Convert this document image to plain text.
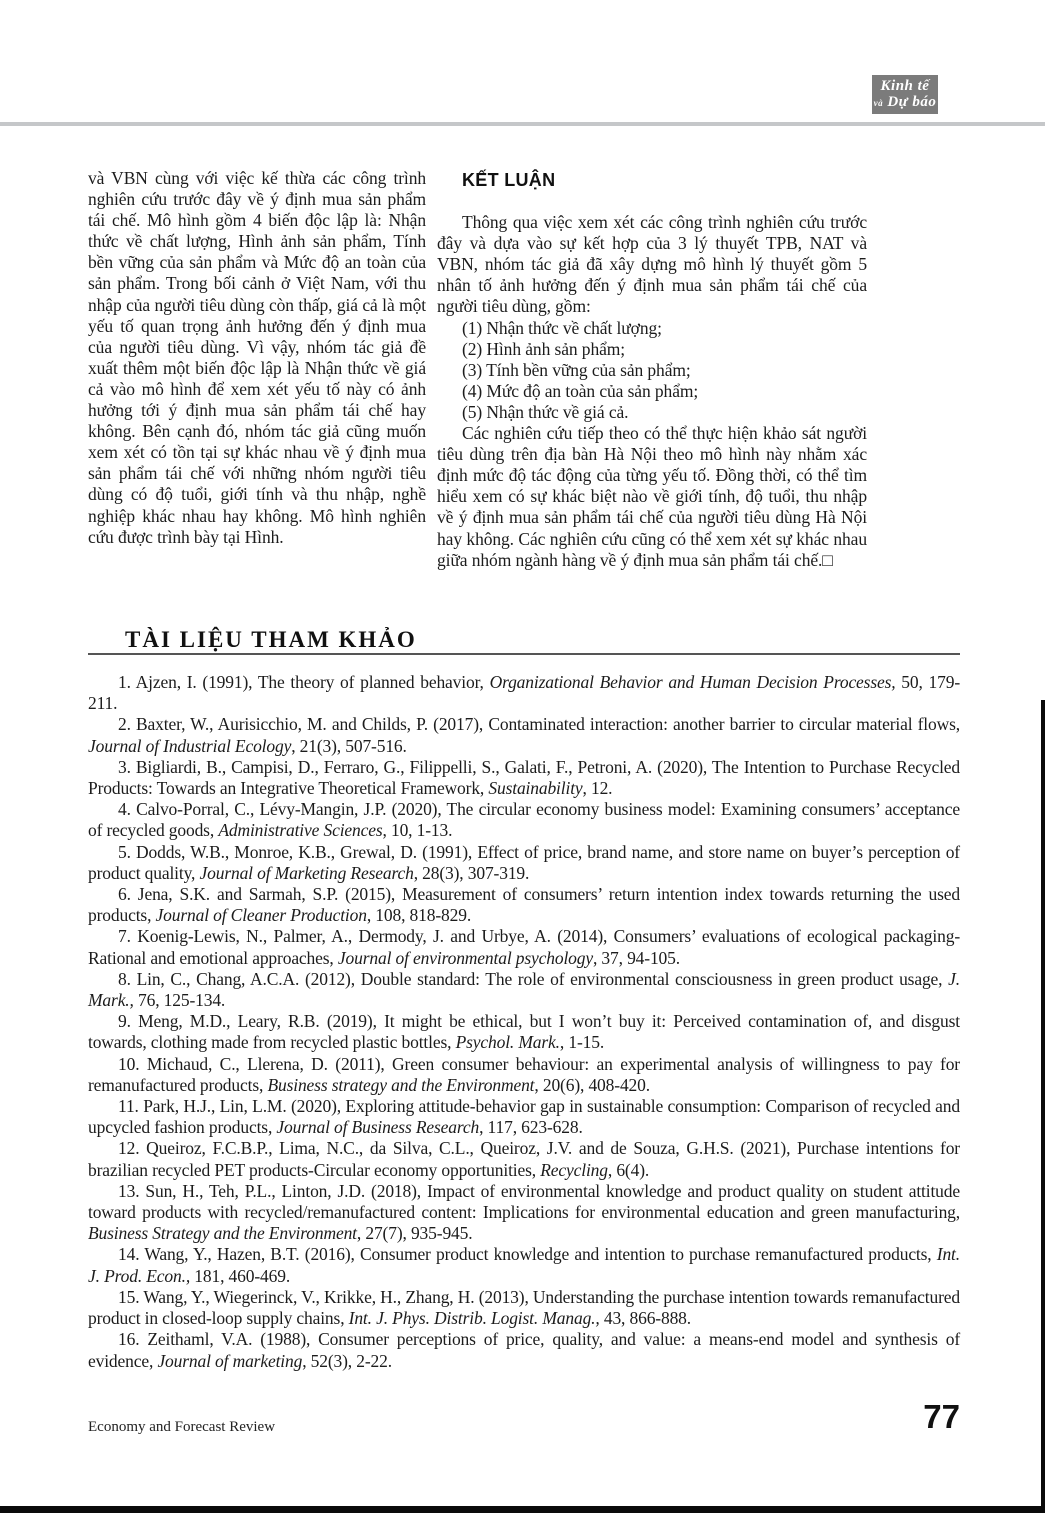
Kinh tế
và Dự báo
và VBN cùng với việc kế thừa các công trình nghiên cứu trước đây về ý định mua sản phẩm tái chế. Mô hình gồm 4 biến độc lập là: Nhận thức về chất lượng, Hình ảnh sản phẩm, Tính bền vững của sản phẩm và Mức độ an toàn của sản phẩm. Trong bối cảnh ở Việt Nam, với thu nhập của người tiêu dùng còn thấp, giá cả là một yếu tố quan trọng ảnh hưởng đến ý định mua của người tiêu dùng. Vì vậy, nhóm tác giả đề xuất thêm một biến độc lập là Nhận thức về giá cả vào mô hình để xem xét yếu tố này có ảnh hưởng tới ý định mua sản phẩm tái chế hay không. Bên cạnh đó, nhóm tác giả cũng muốn xem xét có tồn tại sự khác nhau về ý định mua sản phẩm tái chế với những nhóm người tiêu dùng có độ tuổi, giới tính và thu nhập, nghề nghiệp khác nhau hay không. Mô hình nghiên cứu được trình bày tại Hình.
KẾT LUẬN

Thông qua việc xem xét các công trình nghiên cứu trước đây và dựa vào sự kết hợp của 3 lý thuyết TPB, NAT và VBN, nhóm tác giả đã xây dựng mô hình lý thuyết gồm 5 nhân tố ảnh hưởng đến ý định mua sản phẩm tái chế của người tiêu dùng, gồm:

(1) Nhận thức về chất lượng;

(2) Hình ảnh sản phẩm;

(3) Tính bền vững của sản phẩm;

(4) Mức độ an toàn của sản phẩm;

(5) Nhận thức về giá cả.

Các nghiên cứu tiếp theo có thể thực hiện khảo sát người tiêu dùng trên địa bàn Hà Nội theo mô hình này nhằm xác định mức độ tác động của từng yếu tố. Đồng thời, có thể tìm hiểu xem có sự khác biệt nào về giới tính, độ tuổi, thu nhập về ý định mua sản phẩm tái chế của người tiêu dùng Hà Nội hay không. Các nghiên cứu cũng có thể xem xét sự khác nhau giữa nhóm ngành hàng về ý định mua sản phẩm tái chế.□

TÀI LIỆU THAM KHẢO

1. Ajzen, I. (1991), The theory of planned behavior, Organizational Behavior and Human Decision Processes, 50, 179-211.

2. Baxter, W., Aurisicchio, M. and Childs, P. (2017), Contaminated interaction: another barrier to circular material flows, Journal of Industrial Ecology, 21(3), 507-516.

3. Bigliardi, B., Campisi, D., Ferraro, G., Filippelli, S., Galati, F., Petroni, A. (2020), The Intention to Purchase Recycled Products: Towards an Integrative Theoretical Framework, Sustainability, 12.

4. Calvo-Porral, C., Lévy-Mangin, J.P. (2020), The circular economy business model: Examining consumers’ acceptance of recycled goods, Administrative Sciences, 10, 1-13.

5. Dodds, W.B., Monroe, K.B., Grewal, D. (1991), Effect of price, brand name, and store name on buyer’s perception of product quality, Journal of Marketing Research, 28(3), 307-319.

6. Jena, S.K. and Sarmah, S.P. (2015), Measurement of consumers’ return intention index towards returning the used products, Journal of Cleaner Production, 108, 818-829.

7. Koenig-Lewis, N., Palmer, A., Dermody, J. and Urbye, A. (2014), Consumers’ evaluations of ecological packaging-Rational and emotional approaches, Journal of environmental psychology, 37, 94-105.

8. Lin, C., Chang, A.C.A. (2012), Double standard: The role of environmental consciousness in green product usage, J. Mark., 76, 125-134.

9. Meng, M.D., Leary, R.B. (2019), It might be ethical, but I won’t buy it: Perceived contamination of, and disgust towards, clothing made from recycled plastic bottles, Psychol. Mark., 1-15.

10. Michaud, C., Llerena, D. (2011), Green consumer behaviour: an experimental analysis of willingness to pay for remanufactured products, Business strategy and the Environment, 20(6), 408-420.

11. Park, H.J., Lin, L.M. (2020), Exploring attitude-behavior gap in sustainable consumption: Comparison of recycled and upcycled fashion products, Journal of Business Research, 117, 623-628.

12. Queiroz, F.C.B.P., Lima, N.C., da Silva, C.L., Queiroz, J.V. and de Souza, G.H.S. (2021), Purchase intentions for brazilian recycled PET products-Circular economy opportunities, Recycling, 6(4).

13. Sun, H., Teh, P.L., Linton, J.D. (2018), Impact of environmental knowledge and product quality on student attitude toward products with recycled/remanufactured content: Implications for environmental education and green manufacturing, Business Strategy and the Environment, 27(7), 935-945.

14. Wang, Y., Hazen, B.T. (2016), Consumer product knowledge and intention to purchase remanufactured products, Int. J. Prod. Econ., 181, 460-469.

15. Wang, Y., Wiegerinck, V., Krikke, H., Zhang, H. (2013), Understanding the purchase intention towards remanufactured product in closed-loop supply chains, Int. J. Phys. Distrib. Logist. Manag., 43, 866-888.

16. Zeithaml, V.A. (1988), Consumer perceptions of price, quality, and value: a means-end model and synthesis of evidence, Journal of marketing, 52(3), 2-22.

Economy and Forecast Review	77
